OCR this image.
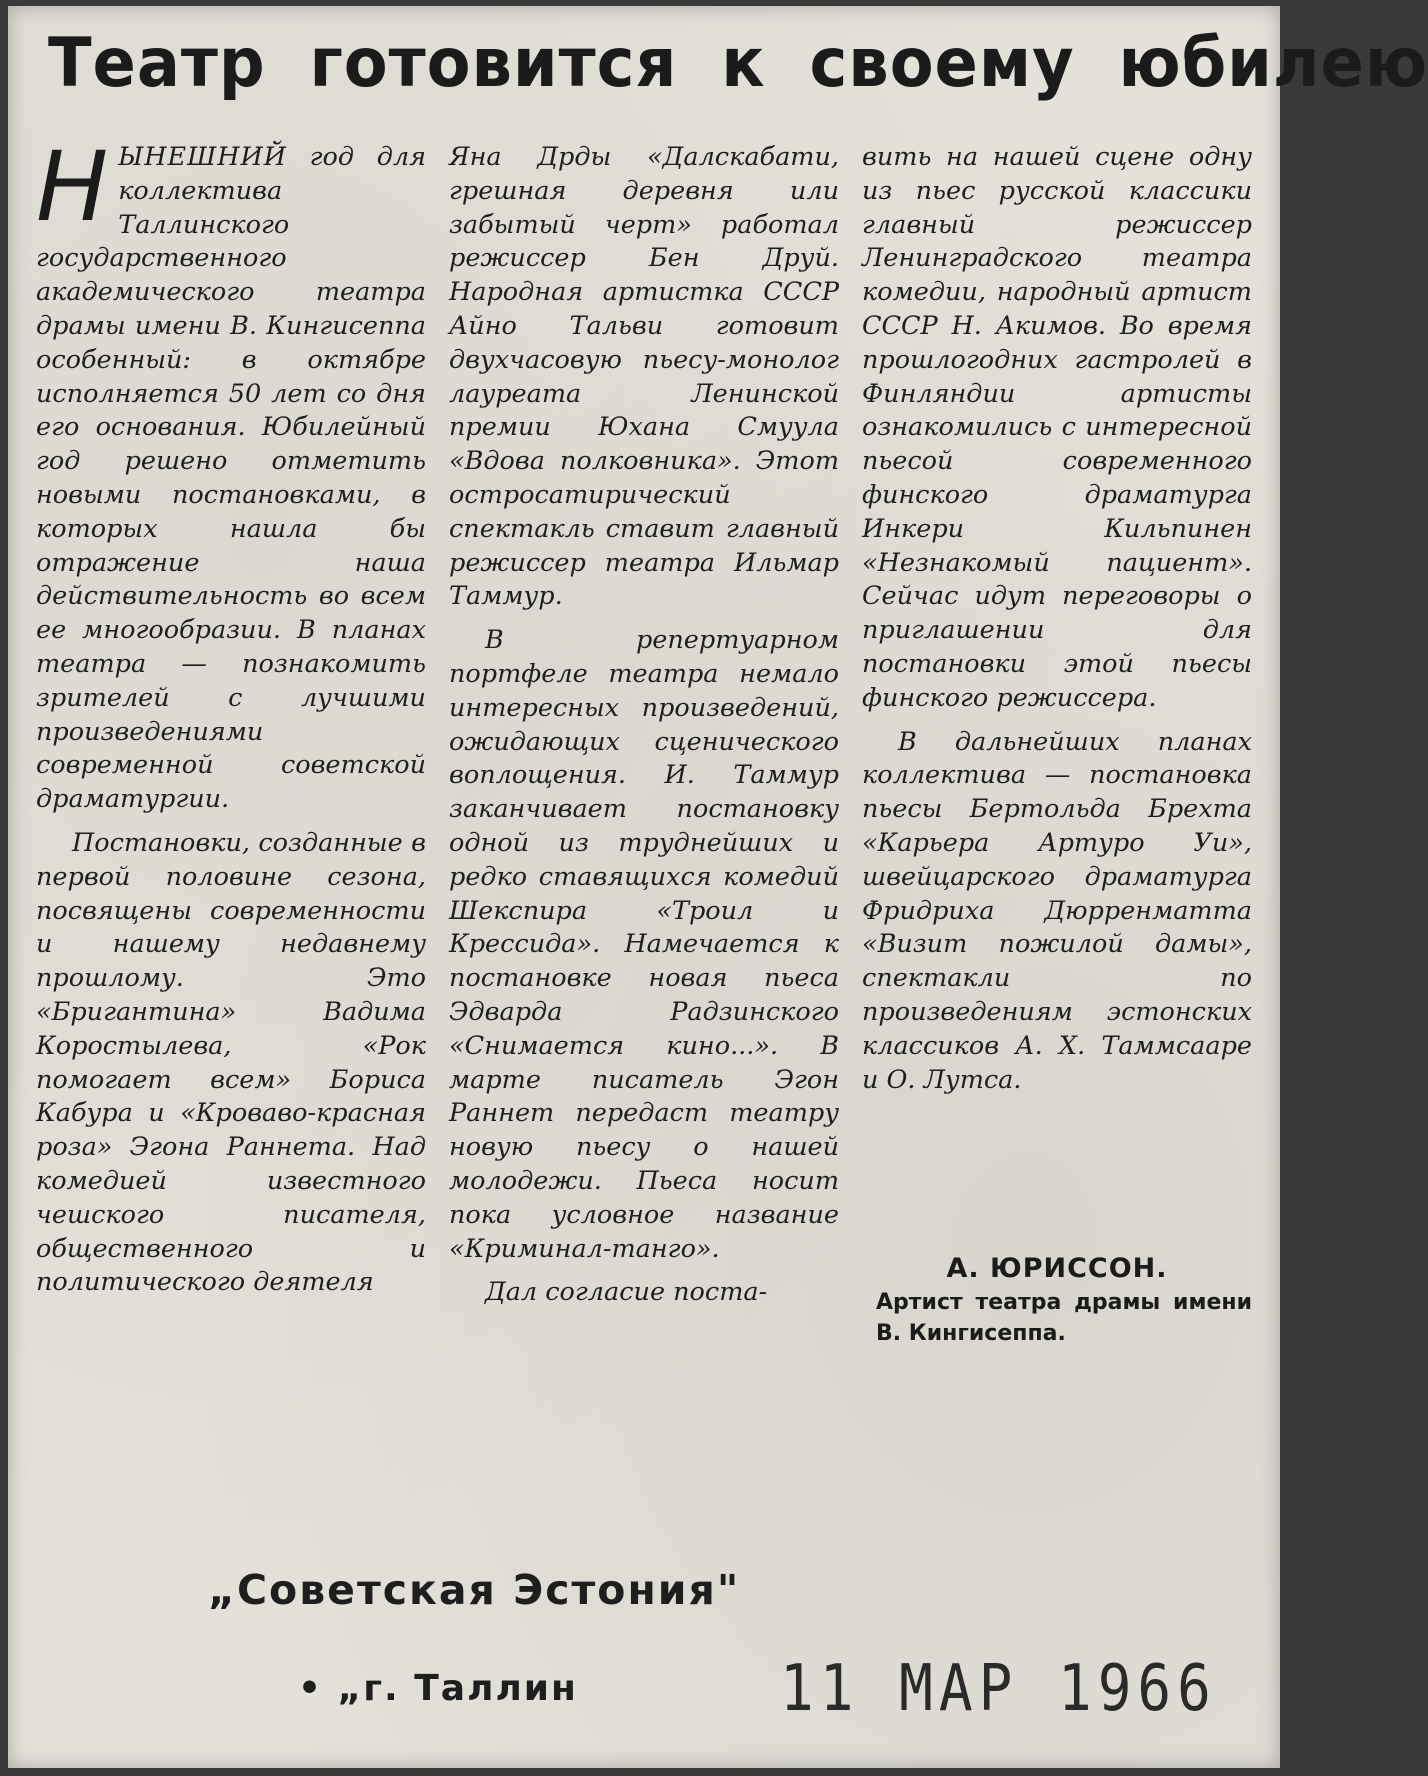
Театр готовится к своему юбилею

НЫНЕШНИЙ год для коллектива Таллинского государственного академического театра драмы имени В. Кингисеппа особенный: в октябре исполняется 50 лет со дня его основания. Юбилейный год решено отметить новыми постановками, в которых нашла бы отражение наша действительность во всем ее многообразии. В планах театра — познакомить зрителей с лучшими произведениями современной советской драматургии.

Постановки, созданные в первой половине сезона, посвящены современности и нашему недавнему прошлому. Это «Бригантина» Вадима Коростылева, «Рок помогает всем» Бориса Кабура и «Кроваво-красная роза» Эгона Раннета. Над комедией известного чешского писателя, общественного и политического деятеля

Яна Дрды «Далскабати, грешная деревня или забытый черт» работал режиссер Бен Друй. Народная артистка СССР Айно Тальви готовит двухчасовую пьесу-монолог лауреата Ленинской премии Юхана Смуула «Вдова полковника». Этот остросатирический спектакль ставит главный режиссер театра Ильмар Таммур.

В репертуарном портфеле театра немало интересных произведений, ожидающих сценического воплощения. И. Таммур заканчивает постановку одной из труднейших и редко ставящихся комедий Шекспира «Троил и Крессида». Намечается к постановке новая пьеса Эдварда Радзинского «Снимается кино...». В марте писатель Эгон Раннет передаст театру новую пьесу о нашей молодежи. Пьеса носит пока условное название «Криминал-танго».

Дал согласие поста-

вить на нашей сцене одну из пьес русской классики главный режиссер Ленинградского театра комедии, народный артист СССР Н. Акимов. Во время прошлогодних гастролей в Финляндии артисты ознакомились с интересной пьесой современного финского драматурга Инкери Кильпинен «Незнакомый пациент». Сейчас идут переговоры о приглашении для постановки этой пьесы финского режиссера.

В дальнейших планах коллектива — постановка пьесы Бертольда Брехта «Карьера Артуро Уи», швейцарского драматурга Фридриха Дюрренматта «Визит пожилой дамы», спектакли по произведениям эстонских классиков А. Х. Таммсааре и О. Лутса.

А. ЮРИССОН.
Артист театра драмы имени В. Кингисеппа.
„Советская Эстония"
• „г. Таллин	11 МАР 1966
